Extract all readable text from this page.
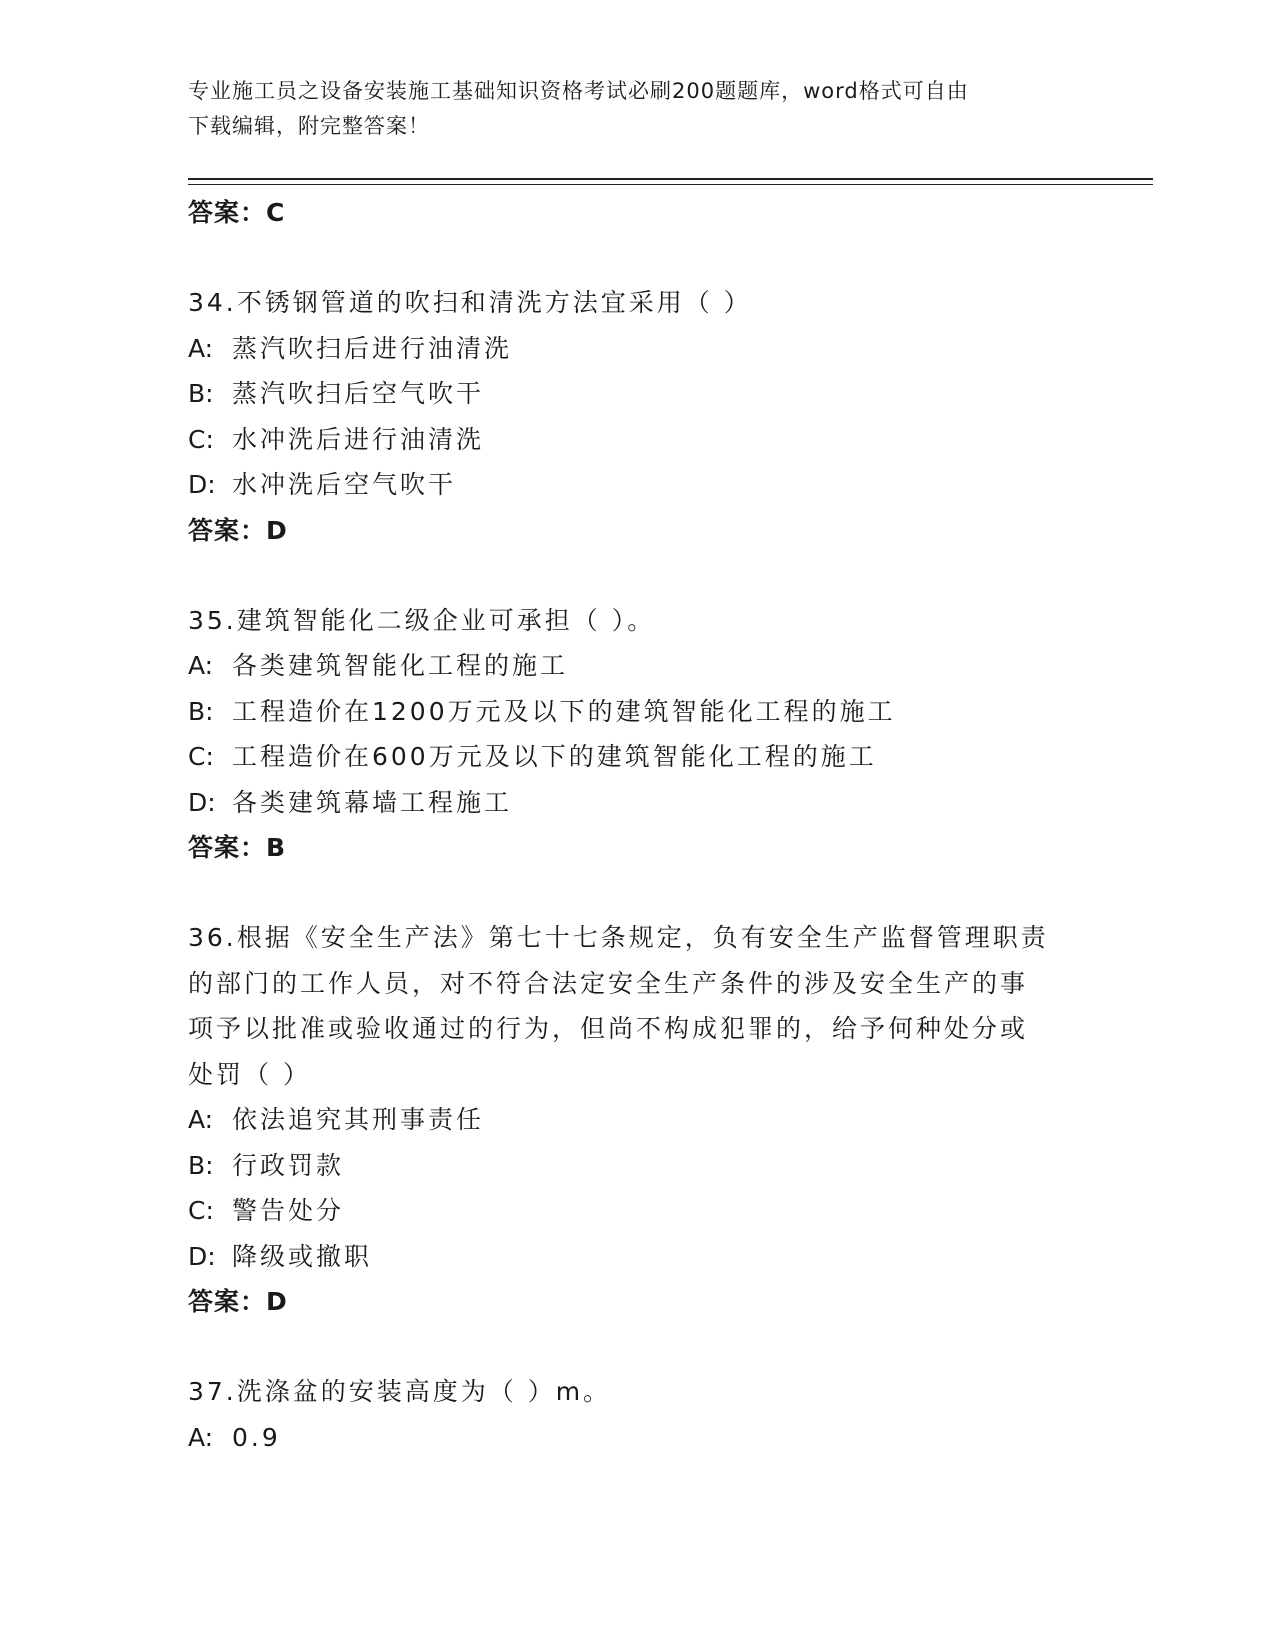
专业施工员之设备安装施工基础知识资格考试必刷200题题库，word格式可自由
下载编辑，附完整答案！
答案：C
34.不锈钢管道的吹扫和清洗方法宜采用（ ）
A: 蒸汽吹扫后进行油清洗
B: 蒸汽吹扫后空气吹干
C: 水冲洗后进行油清洗
D: 水冲洗后空气吹干
答案：D
35.建筑智能化二级企业可承担（ ）。
A: 各类建筑智能化工程的施工
B: 工程造价在1200万元及以下的建筑智能化工程的施工
C: 工程造价在600万元及以下的建筑智能化工程的施工
D: 各类建筑幕墙工程施工
答案：B
36.根据《安全生产法》第七十七条规定，负有安全生产监督管理职责
的部门的工作人员，对不符合法定安全生产条件的涉及安全生产的事
项予以批准或验收通过的行为，但尚不构成犯罪的，给予何种处分或
处罚（ ）
A: 依法追究其刑事责任
B: 行政罚款
C: 警告处分
D: 降级或撤职
答案：D
37.洗涤盆的安装高度为（ ）m。
A: 0.9
